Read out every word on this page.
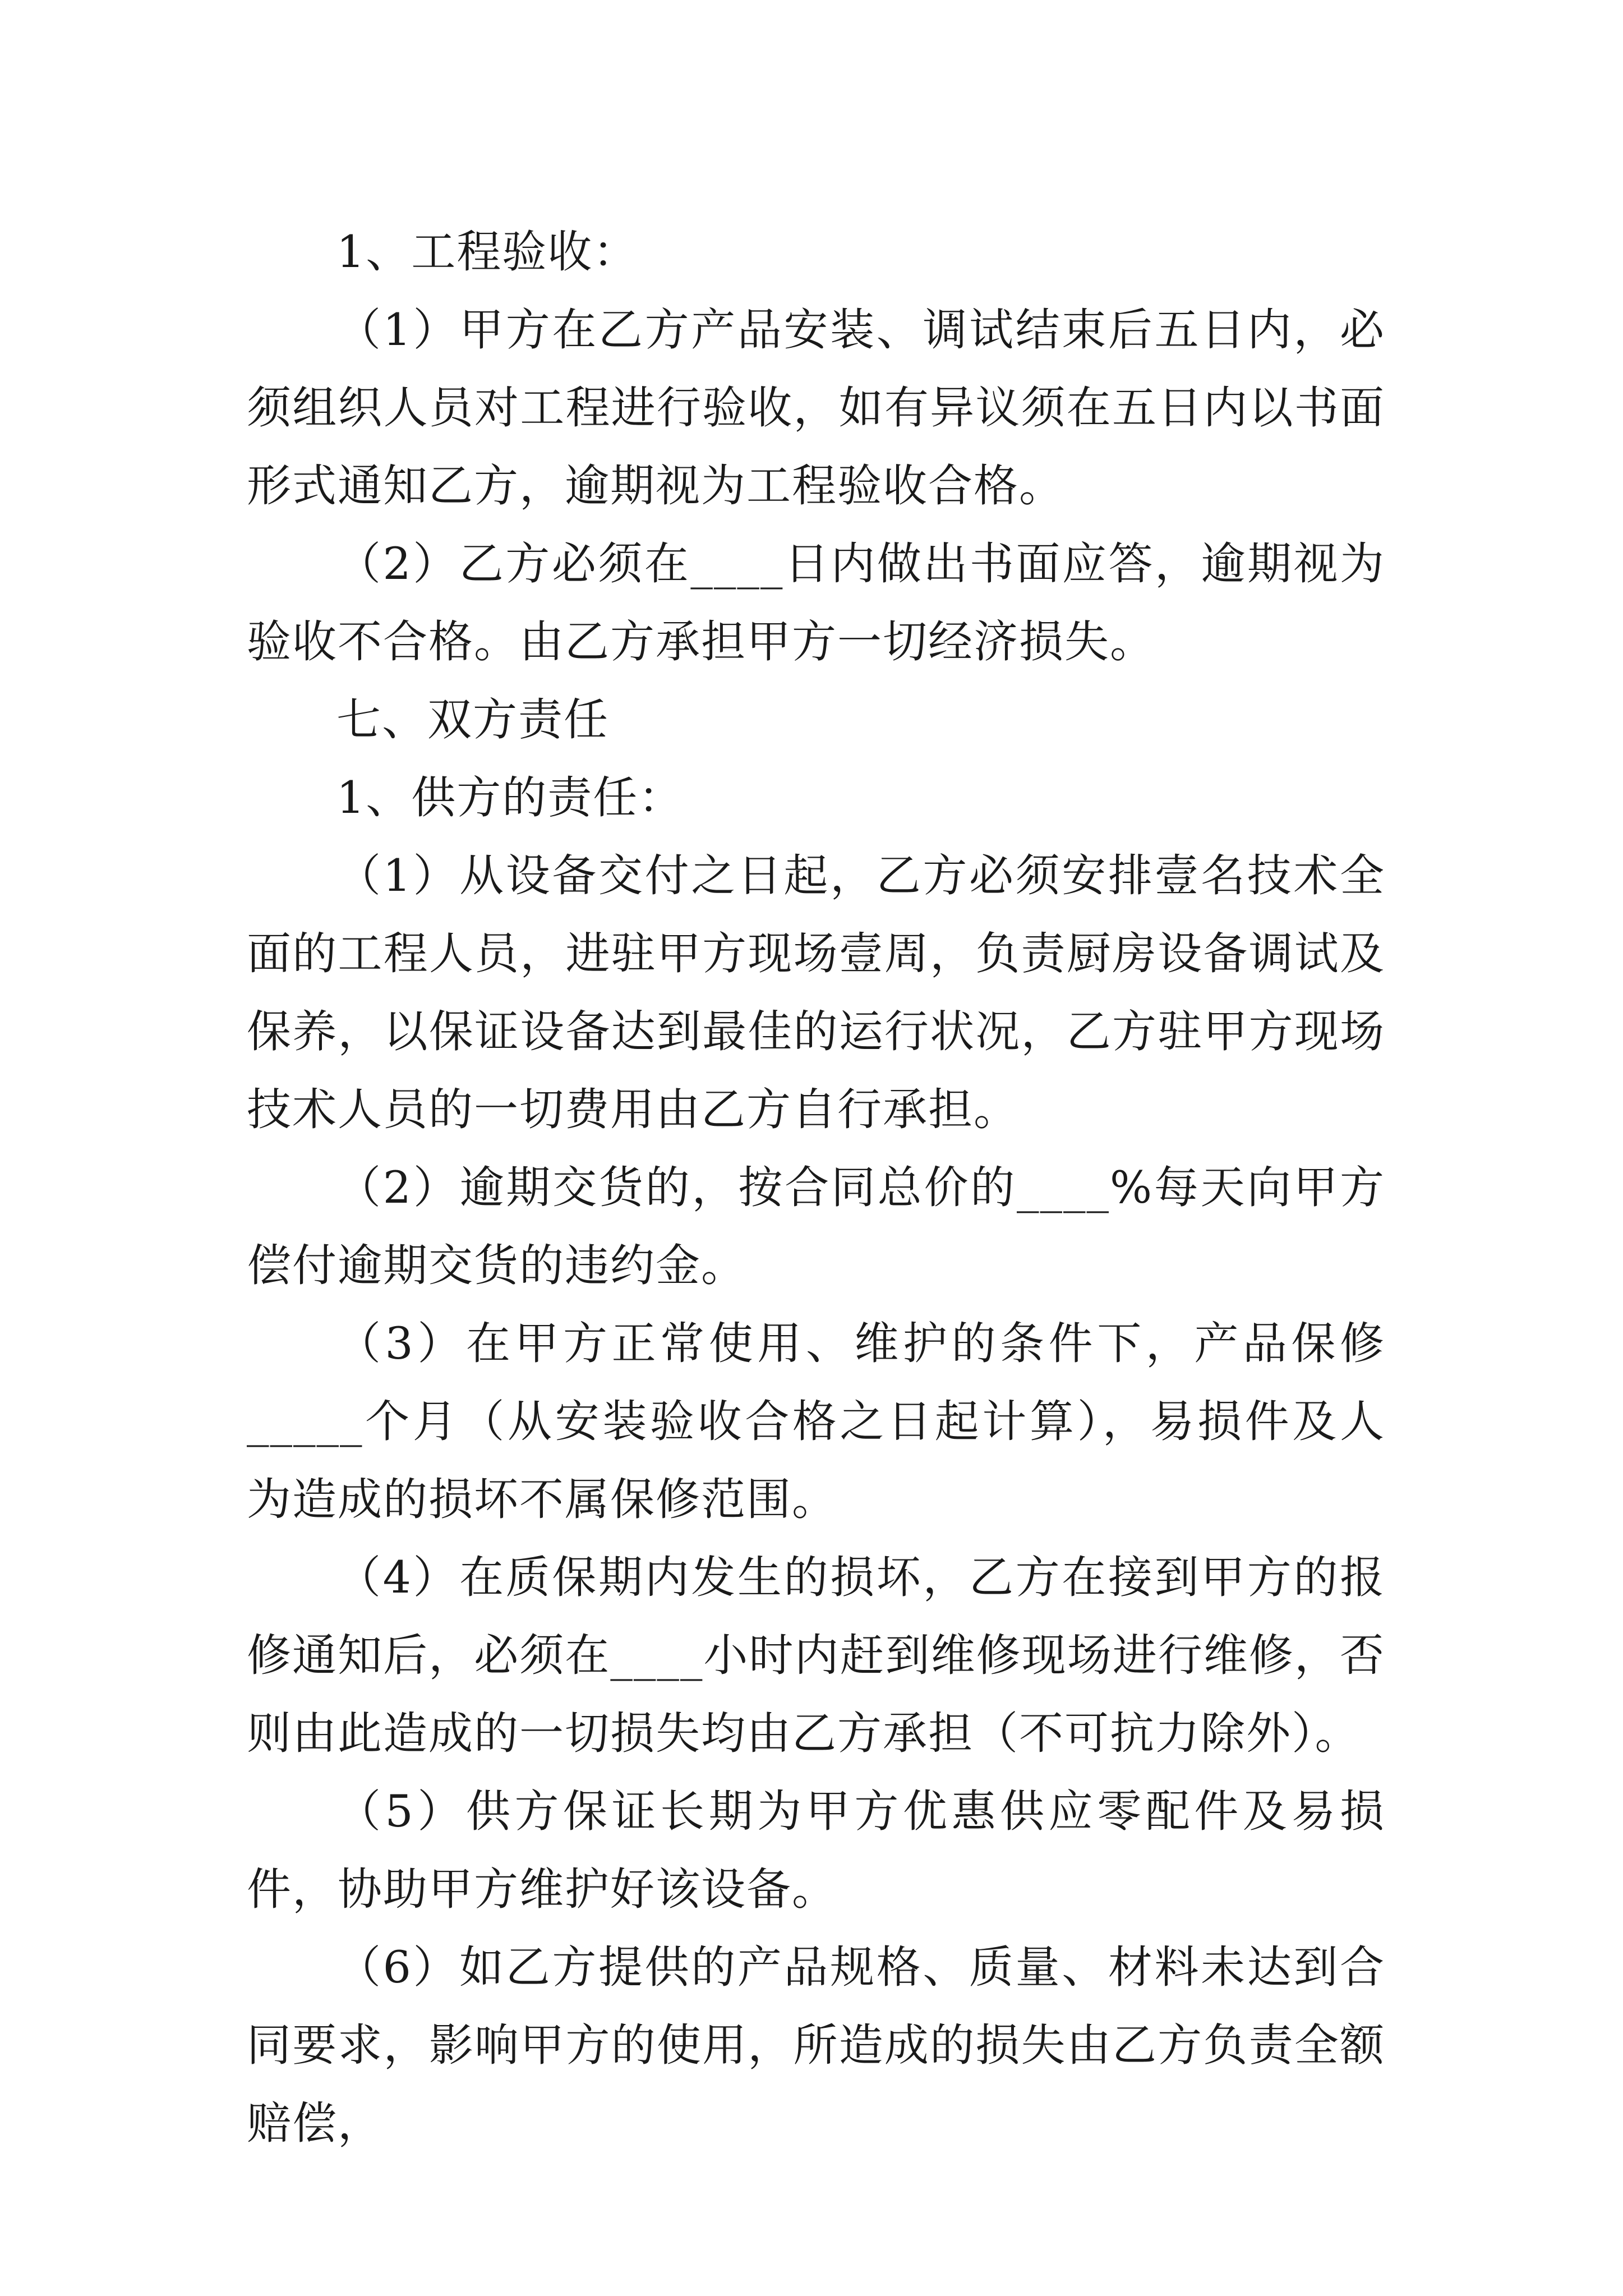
1、工程验收：

（1）甲方在乙方产品安装、调试结束后五日内，必须组织人员对工程进行验收，如有异议须在五日内以书面形式通知乙方，逾期视为工程验收合格。

（2）乙方必须在____日内做出书面应答，逾期视为验收不合格。由乙方承担甲方一切经济损失。

七、双方责任

1、供方的责任：

（1）从设备交付之日起，乙方必须安排壹名技术全面的工程人员，进驻甲方现场壹周，负责厨房设备调试及保养，以保证设备达到最佳的运行状况，乙方驻甲方现场技术人员的一切费用由乙方自行承担。

（2）逾期交货的，按合同总价的____%每天向甲方偿付逾期交货的违约金。

（3）在甲方正常使用、维护的条件下，产品保修_____个月（从安装验收合格之日起计算），易损件及人为造成的损坏不属保修范围。

（4）在质保期内发生的损坏，乙方在接到甲方的报修通知后，必须在____小时内赶到维修现场进行维修，否则由此造成的一切损失均由乙方承担（不可抗力除外）。

（5）供方保证长期为甲方优惠供应零配件及易损件，协助甲方维护好该设备。

（6）如乙方提供的产品规格、质量、材料未达到合同要求，影响甲方的使用，所造成的损失由乙方负责全额赔偿，
